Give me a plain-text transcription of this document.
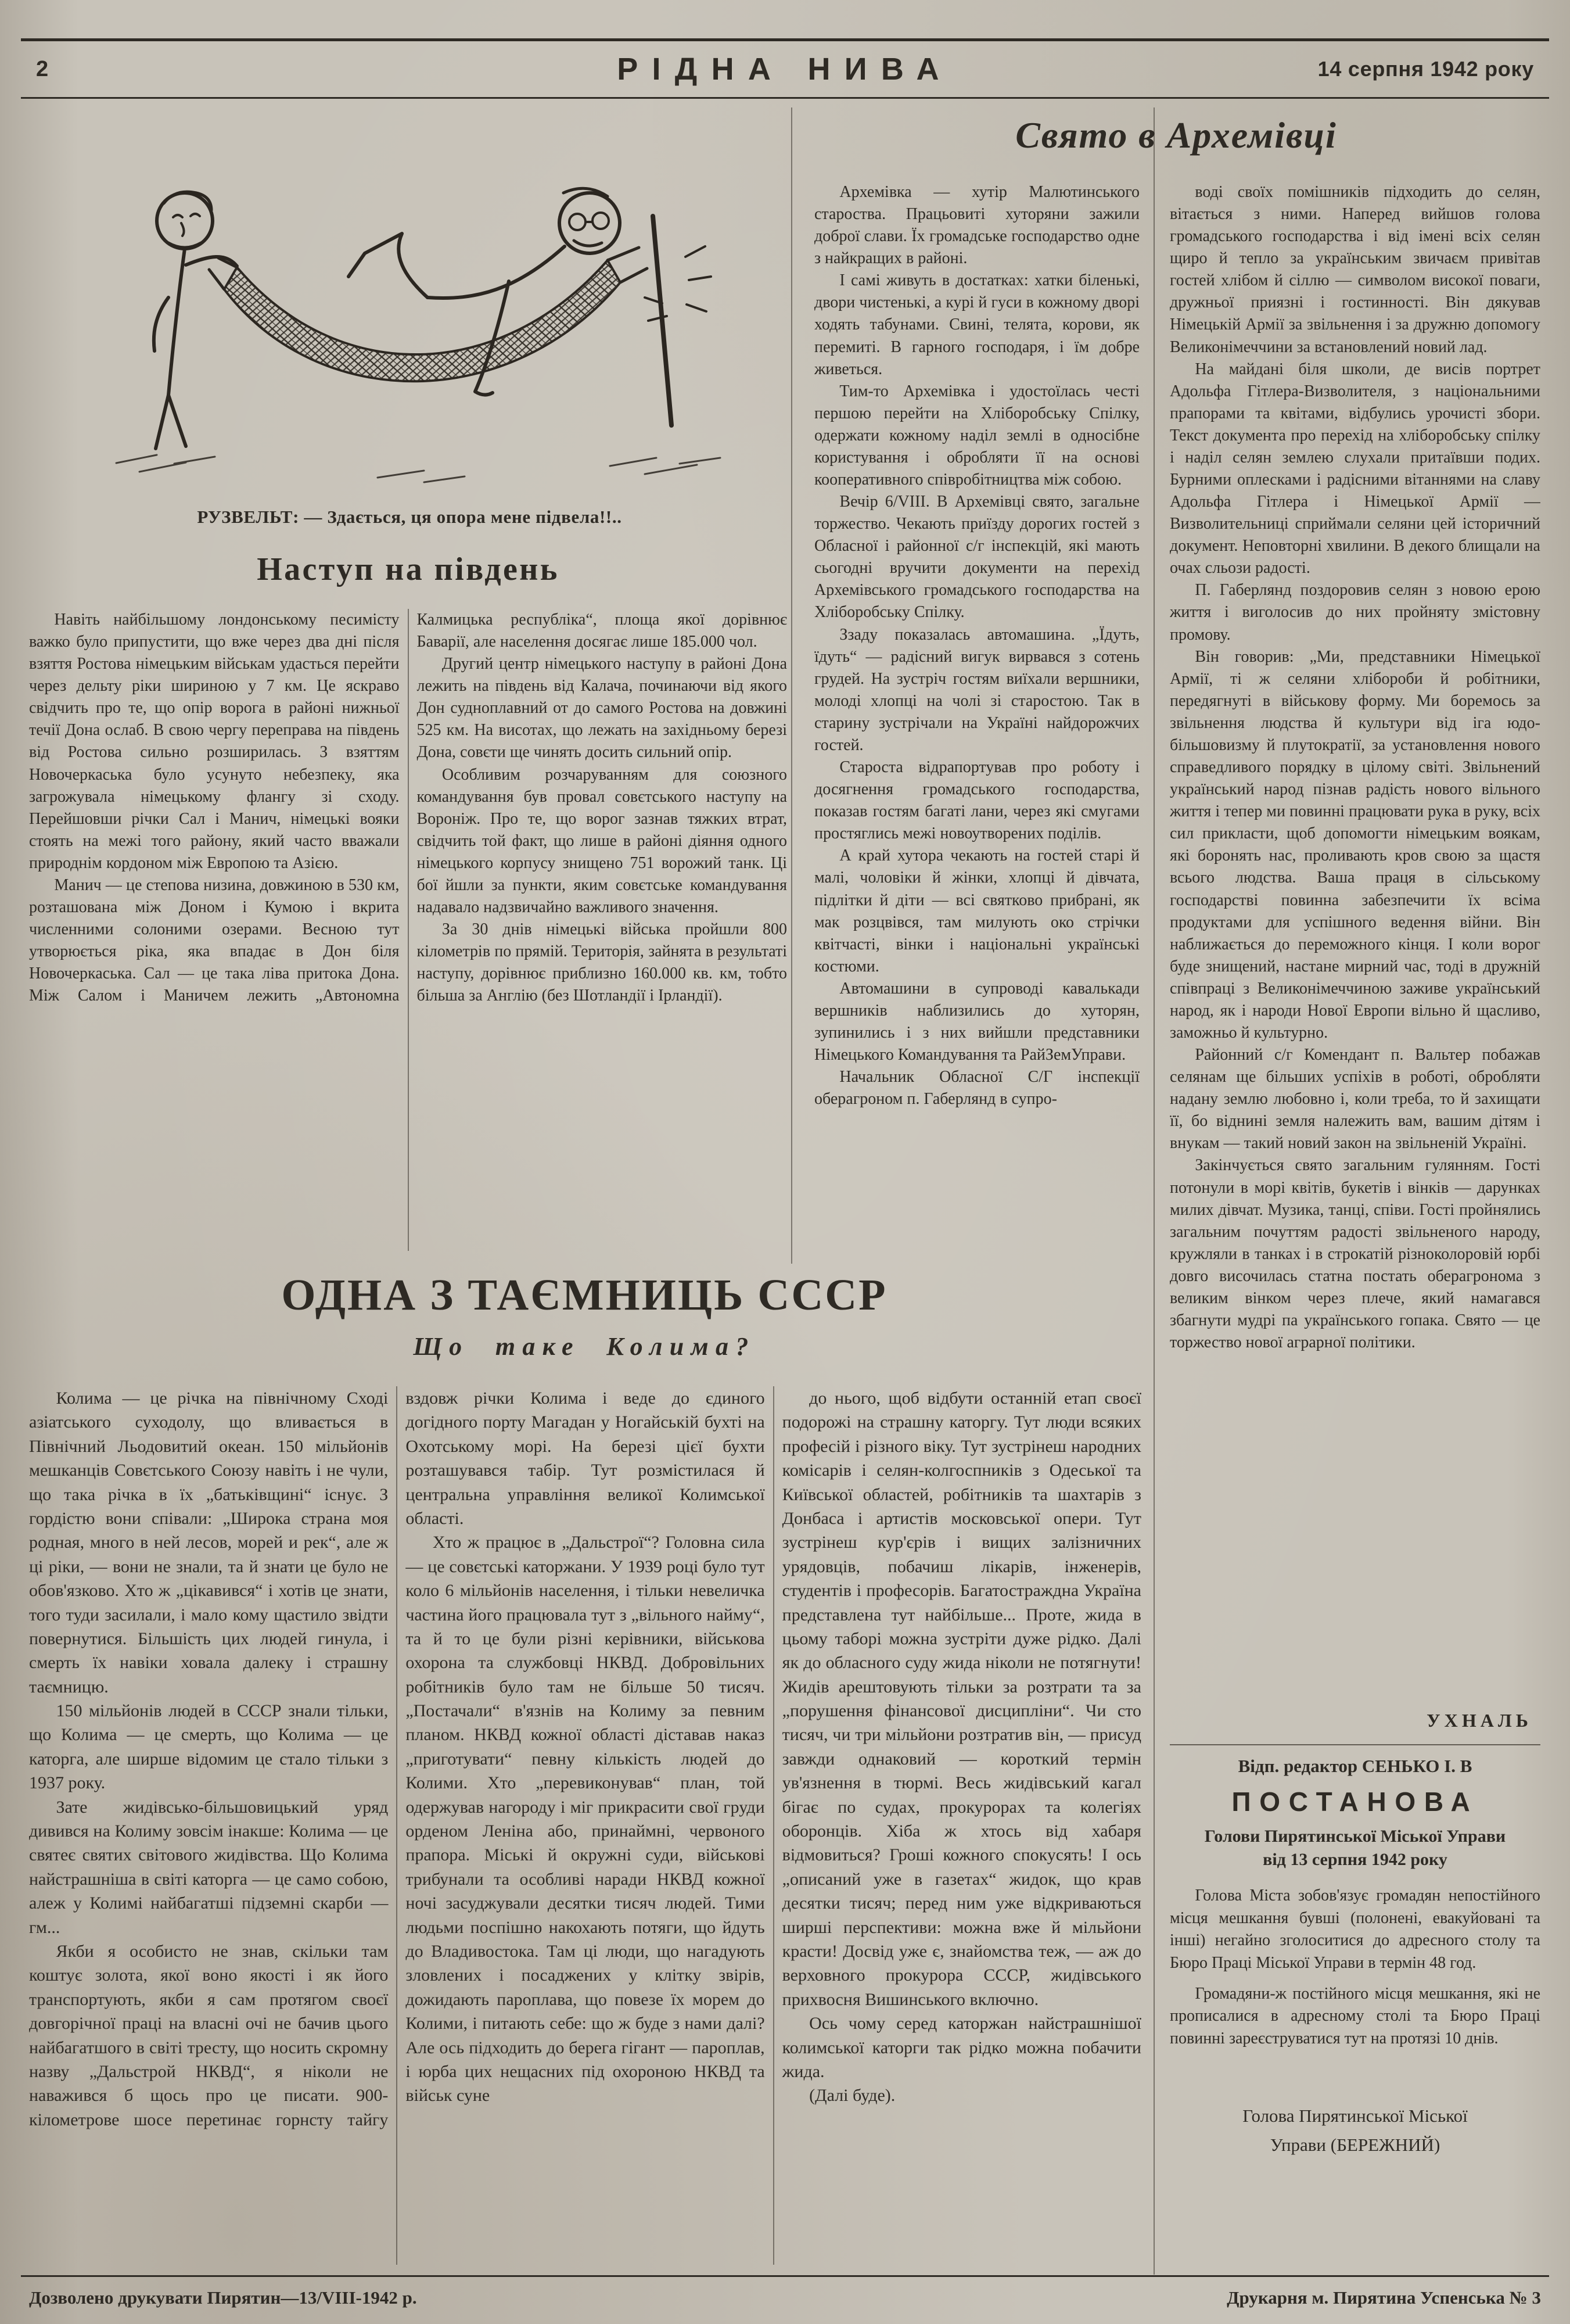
2	РІДНА НИВА	14 серпня 1942 року
РУЗВЕЛЬТ: — Здається, ця опора мене підвела!!..
Наступ на південь

Навіть найбільшому лондонському песимісту важко було припустити, що вже через два дні після взяття Ростова німецьким військам удасться перейти через дельту ріки шириною у 7 км. Це яскраво свідчить про те, що опір ворога в районі нижньої течії Дона ослаб. В свою чергу переправа на південь від Ростова сильно розширилась. З взяттям Новочеркаська було усунуто небезпеку, яка загрожувала німецькому флангу зі сходу. Перейшовши річки Сал і Манич, німецькі вояки стоять на межі того району, який часто вважали природнім кордоном між Европою та Азією.

Манич — це степова низина, довжиною в 530 км, розташована між Доном і Кумою і вкрита численними солоними озерами. Весною тут утворюється ріка, яка впадає в Дон біля Новочеркаська. Сал — це така ліва притока Дона. Між Салом і Маничем лежить „Автономна Калмицька республіка“, площа якої дорівнює Баварії, але населення досягає лише 185.000 чол.

Другий центр німецького наступу в районі Дона лежить на південь від Калача, починаючи від якого Дон судноплавний от до самого Ростова на довжині 525 км. На висотах, що лежать на західньому березі Дона, совєти ще чинять досить сильний опір.

Особливим розчаруванням для союзного командування був провал совєтського наступу на Вороніж. Про те, що ворог зазнав тяжких втрат, свідчить той факт, що лише в районі діяння одного німецького корпусу знищено 751 ворожий танк. Ці бої йшли за пункти, яким совєтське командування надавало надзвичайно важливого значення.

За 30 днів німецькі війська пройшли 800 кілометрів по прямій. Територія, зайнята в результаті наступу, дорівнює приблизно 160.000 кв. км, тобто більша за Англію (без Шотландії і Ірландії).

Свято в Архемівці

Архемівка — хутір Малютинського староства. Працьовиті хуторяни зажили доброї слави. Їх громадське господарство одне з найкращих в районі.

І самі живуть в достатках: хатки біленькі, двори чистенькі, а курі й гуси в кожному дворі ходять табунами. Свині, телята, корови, як перемиті. В гарного господаря, і їм добре живеться.

Тим-то Архемівка і удостоїлась честі першою перейти на Хліборобську Спілку, одержати кожному наділ землі в односібне користування і обробляти її на основі кооперативного співробітництва між собою.

Вечір 6/VIII. В Архемівці свято, загальне торжество. Чекають приїзду дорогих гостей з Обласної і районної с/г інспекцій, які мають сьогодні вручити документи на перехід Архемівського громадського господарства на Хліборобську Спілку.

Ззаду показалась автомашина. „Їдуть, їдуть“ — радісний вигук вирвався з сотень грудей. На зустріч гостям виїхали вершники, молоді хлопці на чолі зі старостою. Так в старину зустрічали на Україні найдорожчих гостей.

Староста відрапортував про роботу і досягнення громадського господарства, показав гостям багаті лани, через які смугами простяглись межі новоутворених поділів.

А край хутора чекають на гостей старі й малі, чоловіки й жінки, хлопці й дівчата, підлітки й діти — всі святково прибрані, як мак розцвівся, там милують око стрічки квітчасті, вінки і національні українські костюми.

Автомашини в супроводі кавалькади вершників наблизились до хуторян, зупинились і з них вийшли представники Німецького Командування та РайЗемУправи.

Начальник Обласної С/Г інспекції оберагроном п. Габерлянд в супро-

воді своїх помішників підходить до селян, вітається з ними. Наперед вийшов голова громадського господарства і від імені всіх селян щиро й тепло за українським звичаєм привітав гостей хлібом й сіллю — символом високої поваги, дружньої приязні і гостинності. Він дякував Німецькій Армії за звільнення і за дружню допомогу Великонімеччини за встановлений новий лад.

На майдані біля школи, де висів портрет Адольфа Гітлера-Визволителя, з національними прапорами та квітами, відбулись урочисті збори. Текст документа про перехід на хліборобську спілку і наділ селян землею слухали притаївши подих. Бурними оплесками і радісними вітаннями на славу Адольфа Гітлера і Німецької Армії — Визволительниці сприймали селяни цей історичний документ. Неповторні хвилини. В декого блищали на очах сльози радості.

П. Габерлянд поздоровив селян з новою ерою життя і виголосив до них пройняту змістовну промову.

Він говорив: „Ми, представники Німецької Армії, ті ж селяни хлібороби й робітники, передягнуті в військову форму. Ми боремось за звільнення людства й культури від іга юдо-більшовизму й плутократії, за установлення нового справедливого порядку в цілому світі. Звільнений український народ пізнав радість нового вільного життя і тепер ми повинні працювати рука в руку, всіх сил прикласти, щоб допомогти німецьким воякам, які боронять нас, проливають кров свою за щастя всього людства. Ваша праця в сільському господарстві повинна забезпечити їх всіма продуктами для успішного ведення війни. Він наближається до переможного кінця. І коли ворог буде знищений, настане мирний час, тоді в дружній співпраці з Великонімеччиною заживе український народ, як і народи Нової Европи вільно й щасливо, заможньо й культурно.

Районний с/г Комендант п. Вальтер побажав селянам ще більших успіхів в роботі, обробляти надану землю любовно і, коли треба, то й захищати її, бо віднині земля належить вам, вашим дітям і внукам — такий новий закон на звільненій Україні.

Закінчується свято загальним гулянням. Гості потонули в морі квітів, букетів і вінків — дарунках милих дівчат. Музика, танці, співи. Гості пройнялись загальним почуттям радості звільненого народу, кружляли в танках і в строкатій різноколоровій юрбі довго височилась статна постать оберагронома з великим вінком через плече, який намагався збагнути мудрі па українського гопака. Свято — це торжество нової аграрної політики.

УХНАЛЬ
ОДНА З ТАЄМНИЦЬ СССР
Що таке Колима?

Колима — це річка на північному Сході азіатського суходолу, що вливається в Північний Льодовитий океан. 150 мільйонів мешканців Совєтського Союзу навіть і не чули, що така річка в їх „батьківщині“ існує. З гордістю вони співали: „Широка страна моя родная, много в ней лесов, морей и рек“, але ж ці ріки, — вони не знали, та й знати це було не обов'язково. Хто ж „цікавився“ і хотів це знати, того туди засилали, і мало кому щастило звідти повернутися. Більшість цих людей гинула, і смерть їх навіки ховала далеку і страшну таємницю.

150 мільйонів людей в СССР знали тільки, що Колима — це смерть, що Колима — це каторга, але ширше відомим це стало тільки з 1937 року.

Зате жидівсько-більшовицький уряд дивився на Колиму зовсім інакше: Колима — це святеє святих світового жидівства. Що Колима найстрашніша в світі каторга — це само собою, алеж у Колимі найбагатші підземні скарби — гм...

Якби я особисто не знав, скільки там коштує золота, якої воно якості і як його транспортують, якби я сам протягом своєї довгорічної праці на власні очі не бачив цього найбагатшого в світі тресту, що носить скромну назву „Дальстрой НКВД“, я ніколи не наважився б щось про це писати. 900-кілометрове шосе перетинає горнсту тайгу вздовж річки Колима і веде до єдиного догідного порту Магадан у Ногайській бухті на Охотському морі. На березі цієї бухти розташувався табір. Тут розмістилася й центральна управління великої Колимської області.

Хто ж працює в „Дальстрої“? Головна сила — це совєтські каторжани. У 1939 році було тут коло 6 мільйонів населення, і тільки невеличка частина його працювала тут з „вільного найму“, та й то це були різні керівники, військова охорона та службовці НКВД. Добровільних робітників було там не більше 50 тисяч. „Постачали“ в'язнів на Колиму за певним планом. НКВД кожної області діставав наказ „приготувати“ певну кількість людей до Колими. Хто „перевиконував“ план, той одержував нагороду і міг прикрасити свої груди орденом Леніна або, принаймні, червоного прапора. Міські й окружні суди, військові трибунали та особливі наради НКВД кожної ночі засуджували десятки тисяч людей. Тими людьми поспішно накохають потяги, що йдуть до Владивостока. Там ці люди, що нагадують зловлених і посаджених у клітку звірів, дожидають пароплава, що повезе їх морем до Колими, і питають себе: що ж буде з нами далі? Але ось підходить до берега гігант — пароплав, і юрба цих нещасних під охороною НКВД та військ суне

до нього, щоб відбути останній етап своєї подорожі на страшну каторгу. Тут люди всяких професій і різного віку. Тут зустрінеш народних комісарів і селян-колгоспників з Одеської та Київської областей, робітників та шахтарів з Донбаса і артистів московської опери. Тут зустрінеш кур'єрів і вищих залізничних урядовців, побачиш лікарів, інженерів, студентів і професорів. Багатостраждна Україна представлена тут найбільше... Проте, жида в цьому таборі можна зустріти дуже рідко. Далі як до обласного суду жида ніколи не потягнути! Жидів арештовують тільки за розтрати та за „порушення фінансової дисципліни“. Чи сто тисяч, чи три мільйони розтратив він, — присуд завжди однаковий — короткий термін ув'язнення в тюрмі. Весь жидівський кагал бігає по судах, прокурорах та колегіях оборонців. Хіба ж хтось від хабаря відмовиться? Гроші кожного спокусять! І ось „описаний уже в газетах“ жидок, що крав десятки тисяч; перед ним уже відкриваються ширші перспективи: можна вже й мільйони красти! Досвід уже є, знайомства теж, — аж до верховного прокурора СССР, жидівського прихвосня Вишинського включно.

Ось чому серед каторжан найстрашнішої колимської каторги так рідко можна побачити жида.

(Далі буде).

Відп. редактор СЕНЬКО І. В
ПОСТАНОВА
Голови Пирятинської Міської Управи
від 13 серпня 1942 року

Голова Міста зобов'язує громадян непостійного місця мешкання бувші (полонені, евакуйовані та інші) негайно зголоситися до адресного столу та Бюро Праці Міської Управи в термін 48 год.

Громадяни-ж постійного місця мешкання, які не прописалися в адресному столі та Бюро Праці повинні зареєструватися тут на протязі 10 днів.

Голова Пирятинської Міської
Управи (БЕРЕЖНИЙ)
Дозволено друкувати Пирятин—13/VIII-1942 р.	Друкарня м. Пирятина Успенська № 3
